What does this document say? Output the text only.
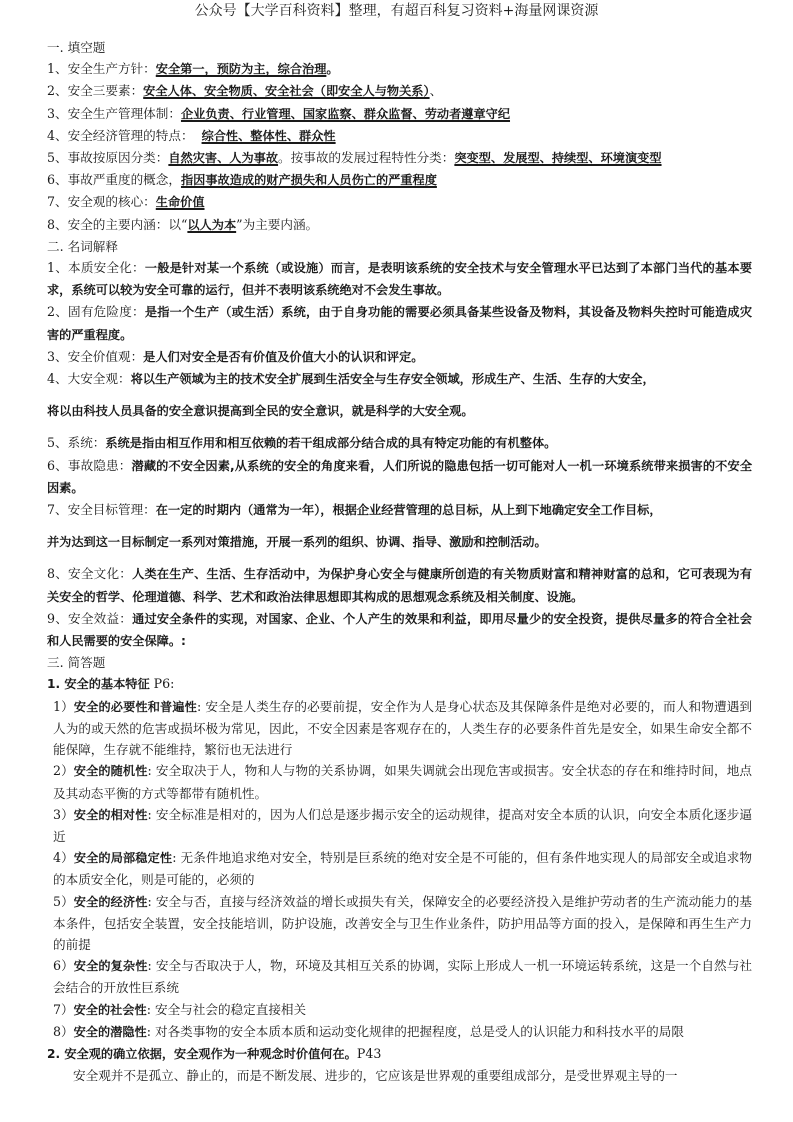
公众号【大学百科资料】整理，有超百科复习资料+海量网课资源
一. 填空题
1、安全生产方针：安全第一，预防为主，综合治理。
2、安全三要素：安全人体、安全物质、安全社会（即安全人与物关系）、
3、安全生产管理体制：企业负责、行业管理、国家监察、群众监督、劳动者遵章守纪
4、安全经济管理的特点：  综合性、整体性、群众性
5、事故按原因分类：自然灾害、人为事故。按事故的发展过程特性分类：突变型、发展型、持续型、环境演变型
6、事故严重度的概念，指因事故造成的财产损失和人员伤亡的严重程度
7、安全观的核心：生命价值
8、安全的主要内涵：以“以人为本”为主要内涵。
二. 名词解释
1、本质安全化：一般是针对某一个系统（或设施）而言，是表明该系统的安全技术与安全管理水平已达到了本部门当代的基本要求，系统可以较为安全可靠的运行，但并不表明该系统绝对不会发生事故。
2、固有危险度：是指一个生产（或生活）系统，由于自身功能的需要必须具备某些设备及物料，其设备及物料失控时可能造成灾害的严重程度。
3、安全价值观：是人们对安全是否有价值及价值大小的认识和评定。
4、大安全观：将以生产领域为主的技术安全扩展到生活安全与生存安全领域，形成生产、生活、生存的大安全，
将以由科技人员具备的安全意识提高到全民的安全意识，就是科学的大安全观。
5、系统：系统是指由相互作用和相互依赖的若干组成部分结合成的具有特定功能的有机整体。
6、事故隐患：潜藏的不安全因素,从系统的安全的角度来看，人们所说的隐患包括一切可能对人一机一环境系统带来损害的不安全因素。
7、安全目标管理：在一定的时期内（通常为一年），根据企业经营管理的总目标，从上到下地确定安全工作目标，
并为达到这一目标制定一系列对策措施，开展一系列的组织、协调、指导、激励和控制活动。
8、安全文化：人类在生产、生活、生存活动中，为保护身心安全与健康所创造的有关物质财富和精神财富的总和，它可表现为有关安全的哲学、伦理道德、科学、艺术和政治法律思想即其构成的思想观念系统及相关制度、设施。
9、安全效益：通过安全条件的实现，对国家、企业、个人产生的效果和利益，即用尽量少的安全投资，提供尽量多的符合全社会和人民需要的安全保障。:
三. 简答题
1. 安全的基本特征 P6:
1）安全的必要性和普遍性: 安全是人类生存的必要前提，安全作为人是身心状态及其保障条件是绝对必要的，而人和物遭遇到人为的或天然的危害或损坏极为常见，因此，不安全因素是客观存在的，人类生存的必要条件首先是安全，如果生命安全都不能保障，生存就不能维持，繁衍也无法进行
2）安全的随机性: 安全取决于人，物和人与物的关系协调，如果失调就会出现危害或损害。安全状态的存在和维持时间，地点及其动态平衡的方式等都带有随机性。
3）安全的相对性: 安全标准是相对的，因为人们总是逐步揭示安全的运动规律，提高对安全本质的认识，向安全本质化逐步逼近
4）安全的局部稳定性: 无条件地追求绝对安全，特别是巨系统的绝对安全是不可能的，但有条件地实现人的局部安全或追求物的本质安全化，则是可能的，必须的
5）安全的经济性: 安全与否，直接与经济效益的增长或损失有关，保障安全的必要经济投入是维护劳动者的生产流动能力的基本条件，包括安全装置，安全技能培训，防护设施，改善安全与卫生作业条件，防护用品等方面的投入，是保障和再生生产力的前提
6）安全的复杂性: 安全与否取决于人，物，环境及其相互关系的协调，实际上形成人一机一环境运转系统，这是一个自然与社会结合的开放性巨系统
7）安全的社会性: 安全与社会的稳定直接相关
8）安全的潜隐性: 对各类事物的安全本质本质和运动变化规律的把握程度，总是受人的认识能力和科技水平的局限
2. 安全观的确立依据，安全观作为一种观念时价值何在。P43
安全观并不是孤立、静止的，而是不断发展、进步的，它应该是世界观的重要组成部分，是受世界观主导的一
